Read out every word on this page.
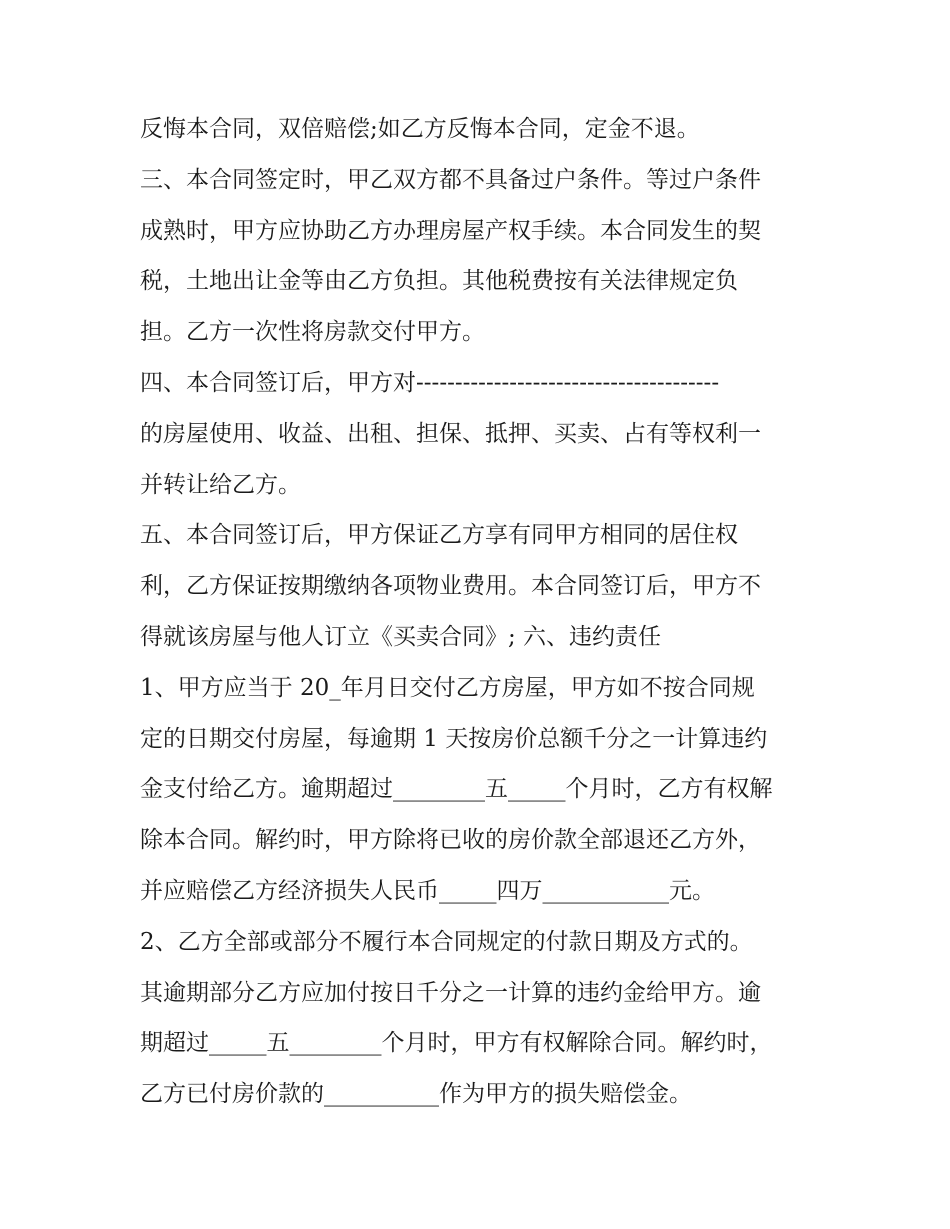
反悔本合同，双倍赔偿;如乙方反悔本合同，定金不退。
三、本合同签定时，甲乙双方都不具备过户条件。等过户条件
成熟时，甲方应协助乙方办理房屋产权手续。本合同发生的契
税，土地出让金等由乙方负担。其他税费按有关法律规定负
担。乙方一次性将房款交付甲方。
四、本合同签订后，甲方对---------------------------------------
的房屋使用、收益、出租、担保、抵押、买卖、占有等权利一
并转让给乙方。
五、本合同签订后，甲方保证乙方享有同甲方相同的居住权
利，乙方保证按期缴纳各项物业费用。本合同签订后，甲方不
得就该房屋与他人订立《买卖合同》; 六、违约责任
1、甲方应当于 20_年月日交付乙方房屋，甲方如不按合同规
定的日期交付房屋，每逾期 1 天按房价总额千分之一计算违约
金支付给乙方。逾期超过________五_____个月时，乙方有权解
除本合同。解约时，甲方除将已收的房价款全部退还乙方外，
并应赔偿乙方经济损失人民币_____四万___________元。
2、乙方全部或部分不履行本合同规定的付款日期及方式的。
其逾期部分乙方应加付按日千分之一计算的违约金给甲方。逾
期超过_____五________个月时，甲方有权解除合同。解约时，
乙方已付房价款的__________作为甲方的损失赔偿金。
